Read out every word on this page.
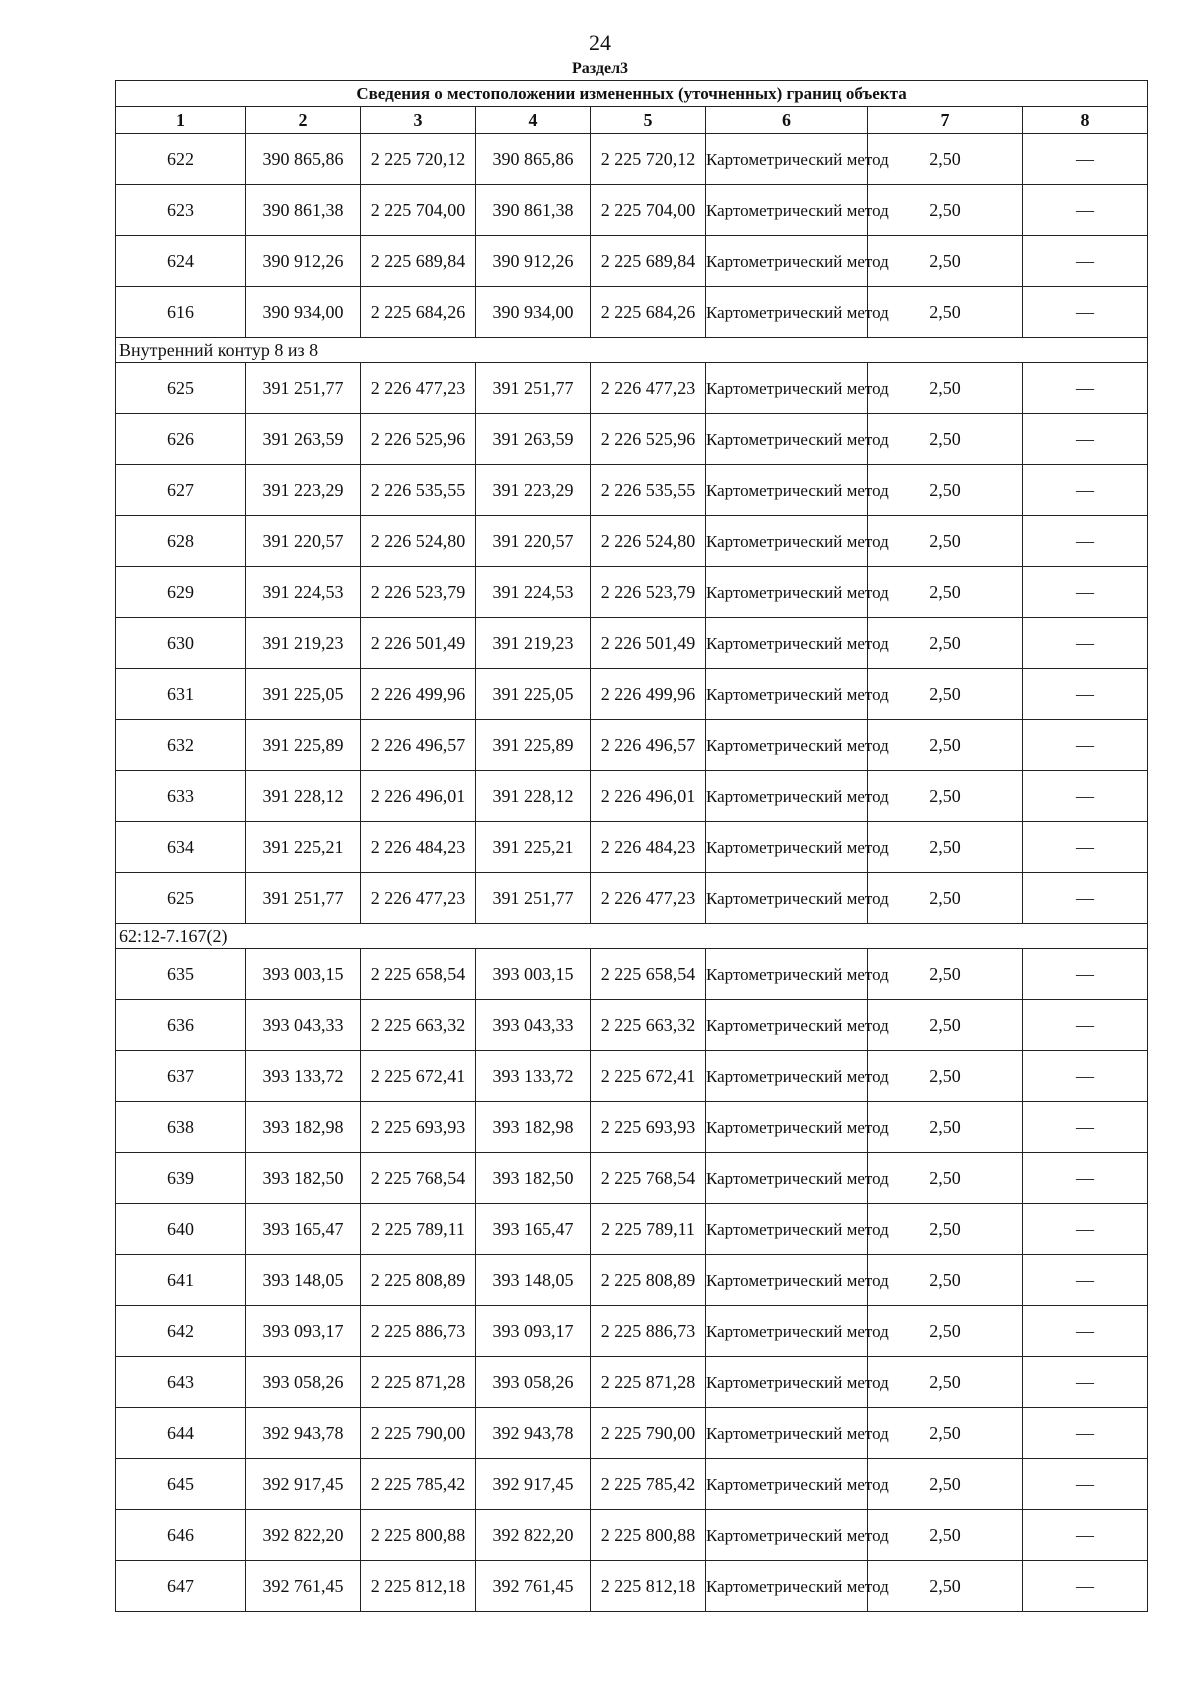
24
Раздел3
Сведения о местоположении измененных (уточненных) границ объекта							
1	2	3	4	5	6	7	8
622	390 865,86	2 225 720,12	390 865,86	2 225 720,12	Картометрический метод	2,50	—
623	390 861,38	2 225 704,00	390 861,38	2 225 704,00	Картометрический метод	2,50	—
624	390 912,26	2 225 689,84	390 912,26	2 225 689,84	Картометрический метод	2,50	—
616	390 934,00	2 225 684,26	390 934,00	2 225 684,26	Картометрический метод	2,50	—
Внутренний контур 8 из 8							
625	391 251,77	2 226 477,23	391 251,77	2 226 477,23	Картометрический метод	2,50	—
626	391 263,59	2 226 525,96	391 263,59	2 226 525,96	Картометрический метод	2,50	—
627	391 223,29	2 226 535,55	391 223,29	2 226 535,55	Картометрический метод	2,50	—
628	391 220,57	2 226 524,80	391 220,57	2 226 524,80	Картометрический метод	2,50	—
629	391 224,53	2 226 523,79	391 224,53	2 226 523,79	Картометрический метод	2,50	—
630	391 219,23	2 226 501,49	391 219,23	2 226 501,49	Картометрический метод	2,50	—
631	391 225,05	2 226 499,96	391 225,05	2 226 499,96	Картометрический метод	2,50	—
632	391 225,89	2 226 496,57	391 225,89	2 226 496,57	Картометрический метод	2,50	—
633	391 228,12	2 226 496,01	391 228,12	2 226 496,01	Картометрический метод	2,50	—
634	391 225,21	2 226 484,23	391 225,21	2 226 484,23	Картометрический метод	2,50	—
625	391 251,77	2 226 477,23	391 251,77	2 226 477,23	Картометрический метод	2,50	—
62:12-7.167(2)							
635	393 003,15	2 225 658,54	393 003,15	2 225 658,54	Картометрический метод	2,50	—
636	393 043,33	2 225 663,32	393 043,33	2 225 663,32	Картометрический метод	2,50	—
637	393 133,72	2 225 672,41	393 133,72	2 225 672,41	Картометрический метод	2,50	—
638	393 182,98	2 225 693,93	393 182,98	2 225 693,93	Картометрический метод	2,50	—
639	393 182,50	2 225 768,54	393 182,50	2 225 768,54	Картометрический метод	2,50	—
640	393 165,47	2 225 789,11	393 165,47	2 225 789,11	Картометрический метод	2,50	—
641	393 148,05	2 225 808,89	393 148,05	2 225 808,89	Картометрический метод	2,50	—
642	393 093,17	2 225 886,73	393 093,17	2 225 886,73	Картометрический метод	2,50	—
643	393 058,26	2 225 871,28	393 058,26	2 225 871,28	Картометрический метод	2,50	—
644	392 943,78	2 225 790,00	392 943,78	2 225 790,00	Картометрический метод	2,50	—
645	392 917,45	2 225 785,42	392 917,45	2 225 785,42	Картометрический метод	2,50	—
646	392 822,20	2 225 800,88	392 822,20	2 225 800,88	Картометрический метод	2,50	—
647	392 761,45	2 225 812,18	392 761,45	2 225 812,18	Картометрический метод	2,50	—
